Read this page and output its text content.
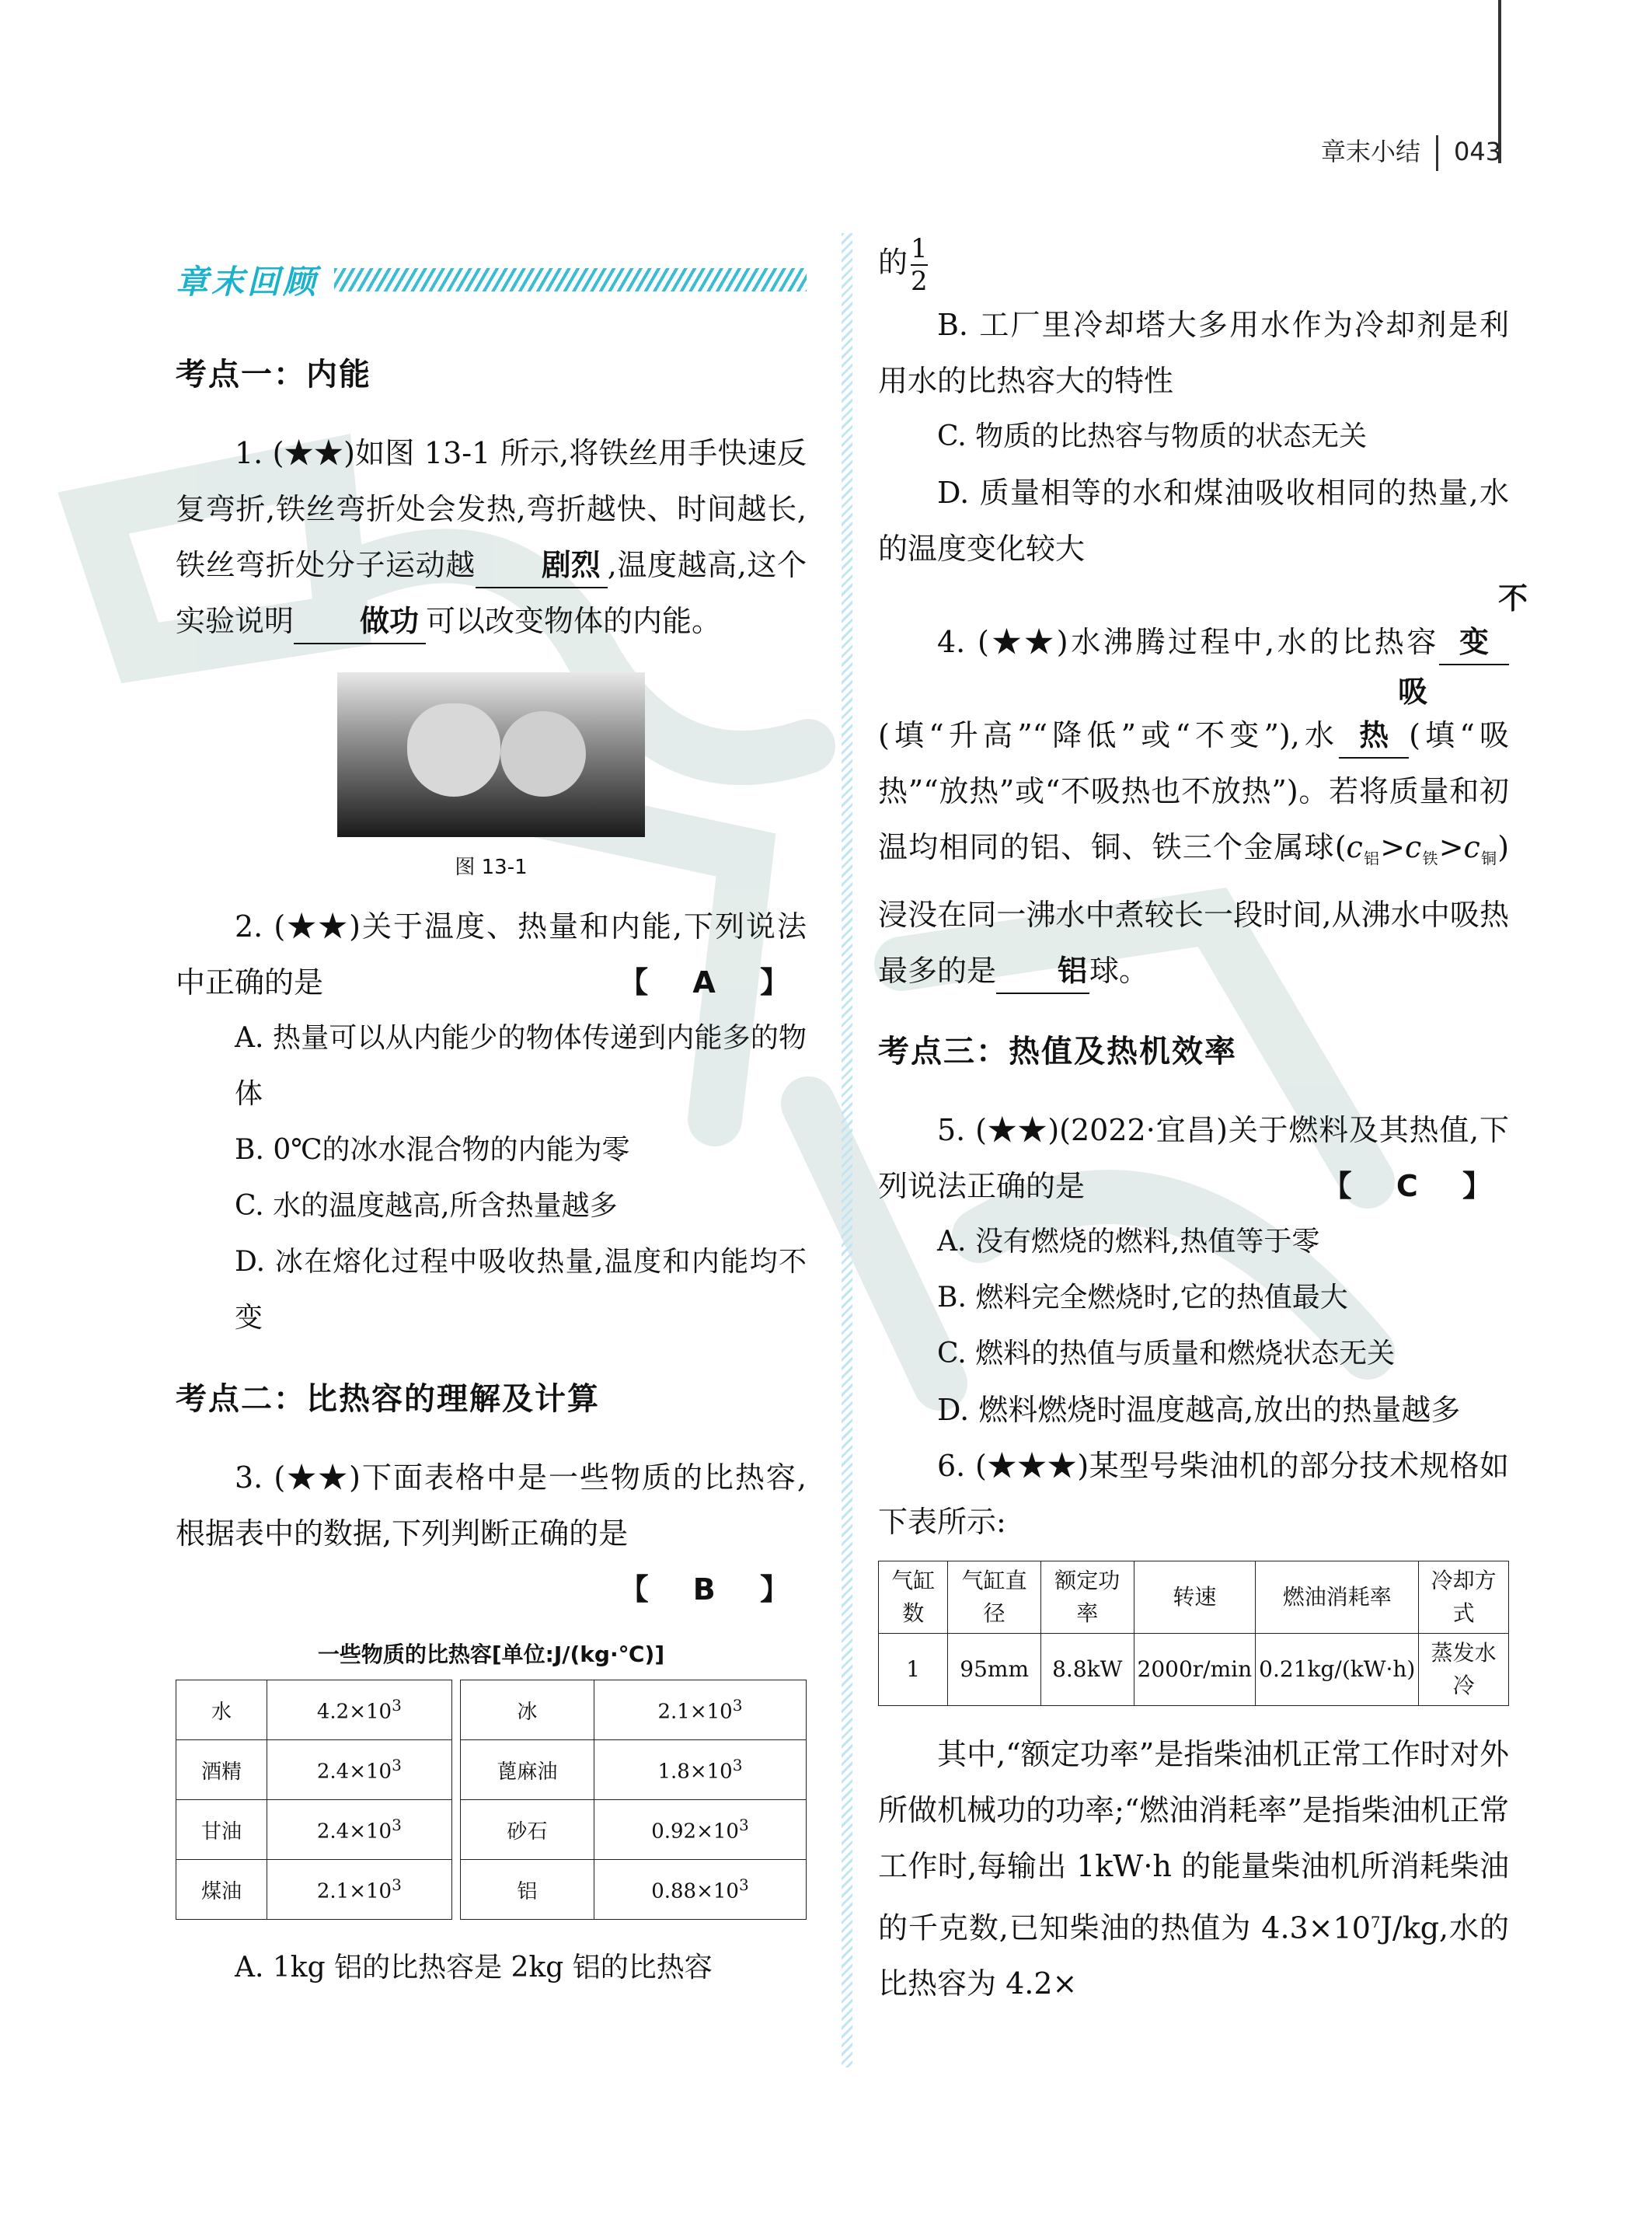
章末小结 043
章末回顾
考点一：内能

1. (★★)如图 13-1 所示,将铁丝用手快速反复弯折,铁丝弯折处会发热,弯折越快、时间越长,铁丝弯折处分子运动越 剧烈 ,温度越高,这个实验说明 做功 可以改变物体的内能。

图 13-1

2. (★★)关于温度、热量和内能,下列说法中正确的是	【 A 】

A. 热量可以从内能少的物体传递到内能多的物体

B. 0℃的冰水混合物的内能为零

C. 水的温度越高,所含热量越多

D. 冰在熔化过程中吸收热量,温度和内能均不变

考点二：比热容的理解及计算

3. (★★)下面表格中是一些物质的比热容,根据表中的数据,下列判断正确的是

【 B 】

一些物质的比热容[单位:J/(kg·℃)]
水	$4.2\times 10^3$		冰	$2.1\times 10^3$
酒精	$2.4\times 10^3$		蓖麻油	$1.8\times 10^3$
甘油	$2.4\times 10^3$		砂石	$0.92\times 10^3$
煤油	$2.1\times 10^3$		铝	$0.88\times 10^3$

A. 1kg 铝的比热容是 2kg 铝的比热容

的 $\frac{1}{2}$

B. 工厂里冷却塔大多用水作为冷却剂是利用水的比热容大的特性

C. 物质的比热容与物质的状态无关

D. 质量相等的水和煤油吸收相同的热量,水的温度变化较大

4. (★★)水沸腾过程中,水的比热容不变(填“升高”“降低”或“不变”),水吸热 (填“吸热”“放热”或“不吸热也不放热”)。若将质量和初温均相同的铝、铜、铁三个金属球$(c_铝>c_铁>c_铜)$浸没在同一沸水中煮较长一段时间,从沸水中吸热最多的是 铝球。

考点三：热值及热机效率

5. (★★)(2022·宜昌)关于燃料及其热值,下列说法正确的是	【 C 】

A. 没有燃烧的燃料,热值等于零

B. 燃料完全燃烧时,它的热值最大

C. 燃料的热值与质量和燃烧状态无关

D. 燃料燃烧时温度越高,放出的热量越多

6. (★★★)某型号柴油机的部分技术规格如下表所示:

气缸数	气缸直径	额定功率	转速	燃油消耗率	冷却方式
1	95mm	8.8kW	2000r/min	0.21kg/(kW·h)	蒸发水冷

其中,“额定功率”是指柴油机正常工作时对外所做机械功的功率;“燃油消耗率”是指柴油机正常工作时,每输出 1kW·h 的能量柴油机所消耗柴油的千克数,已知柴油的热值为 $4.3\times 10^7J/kg$,水的比热容为 4.2×
